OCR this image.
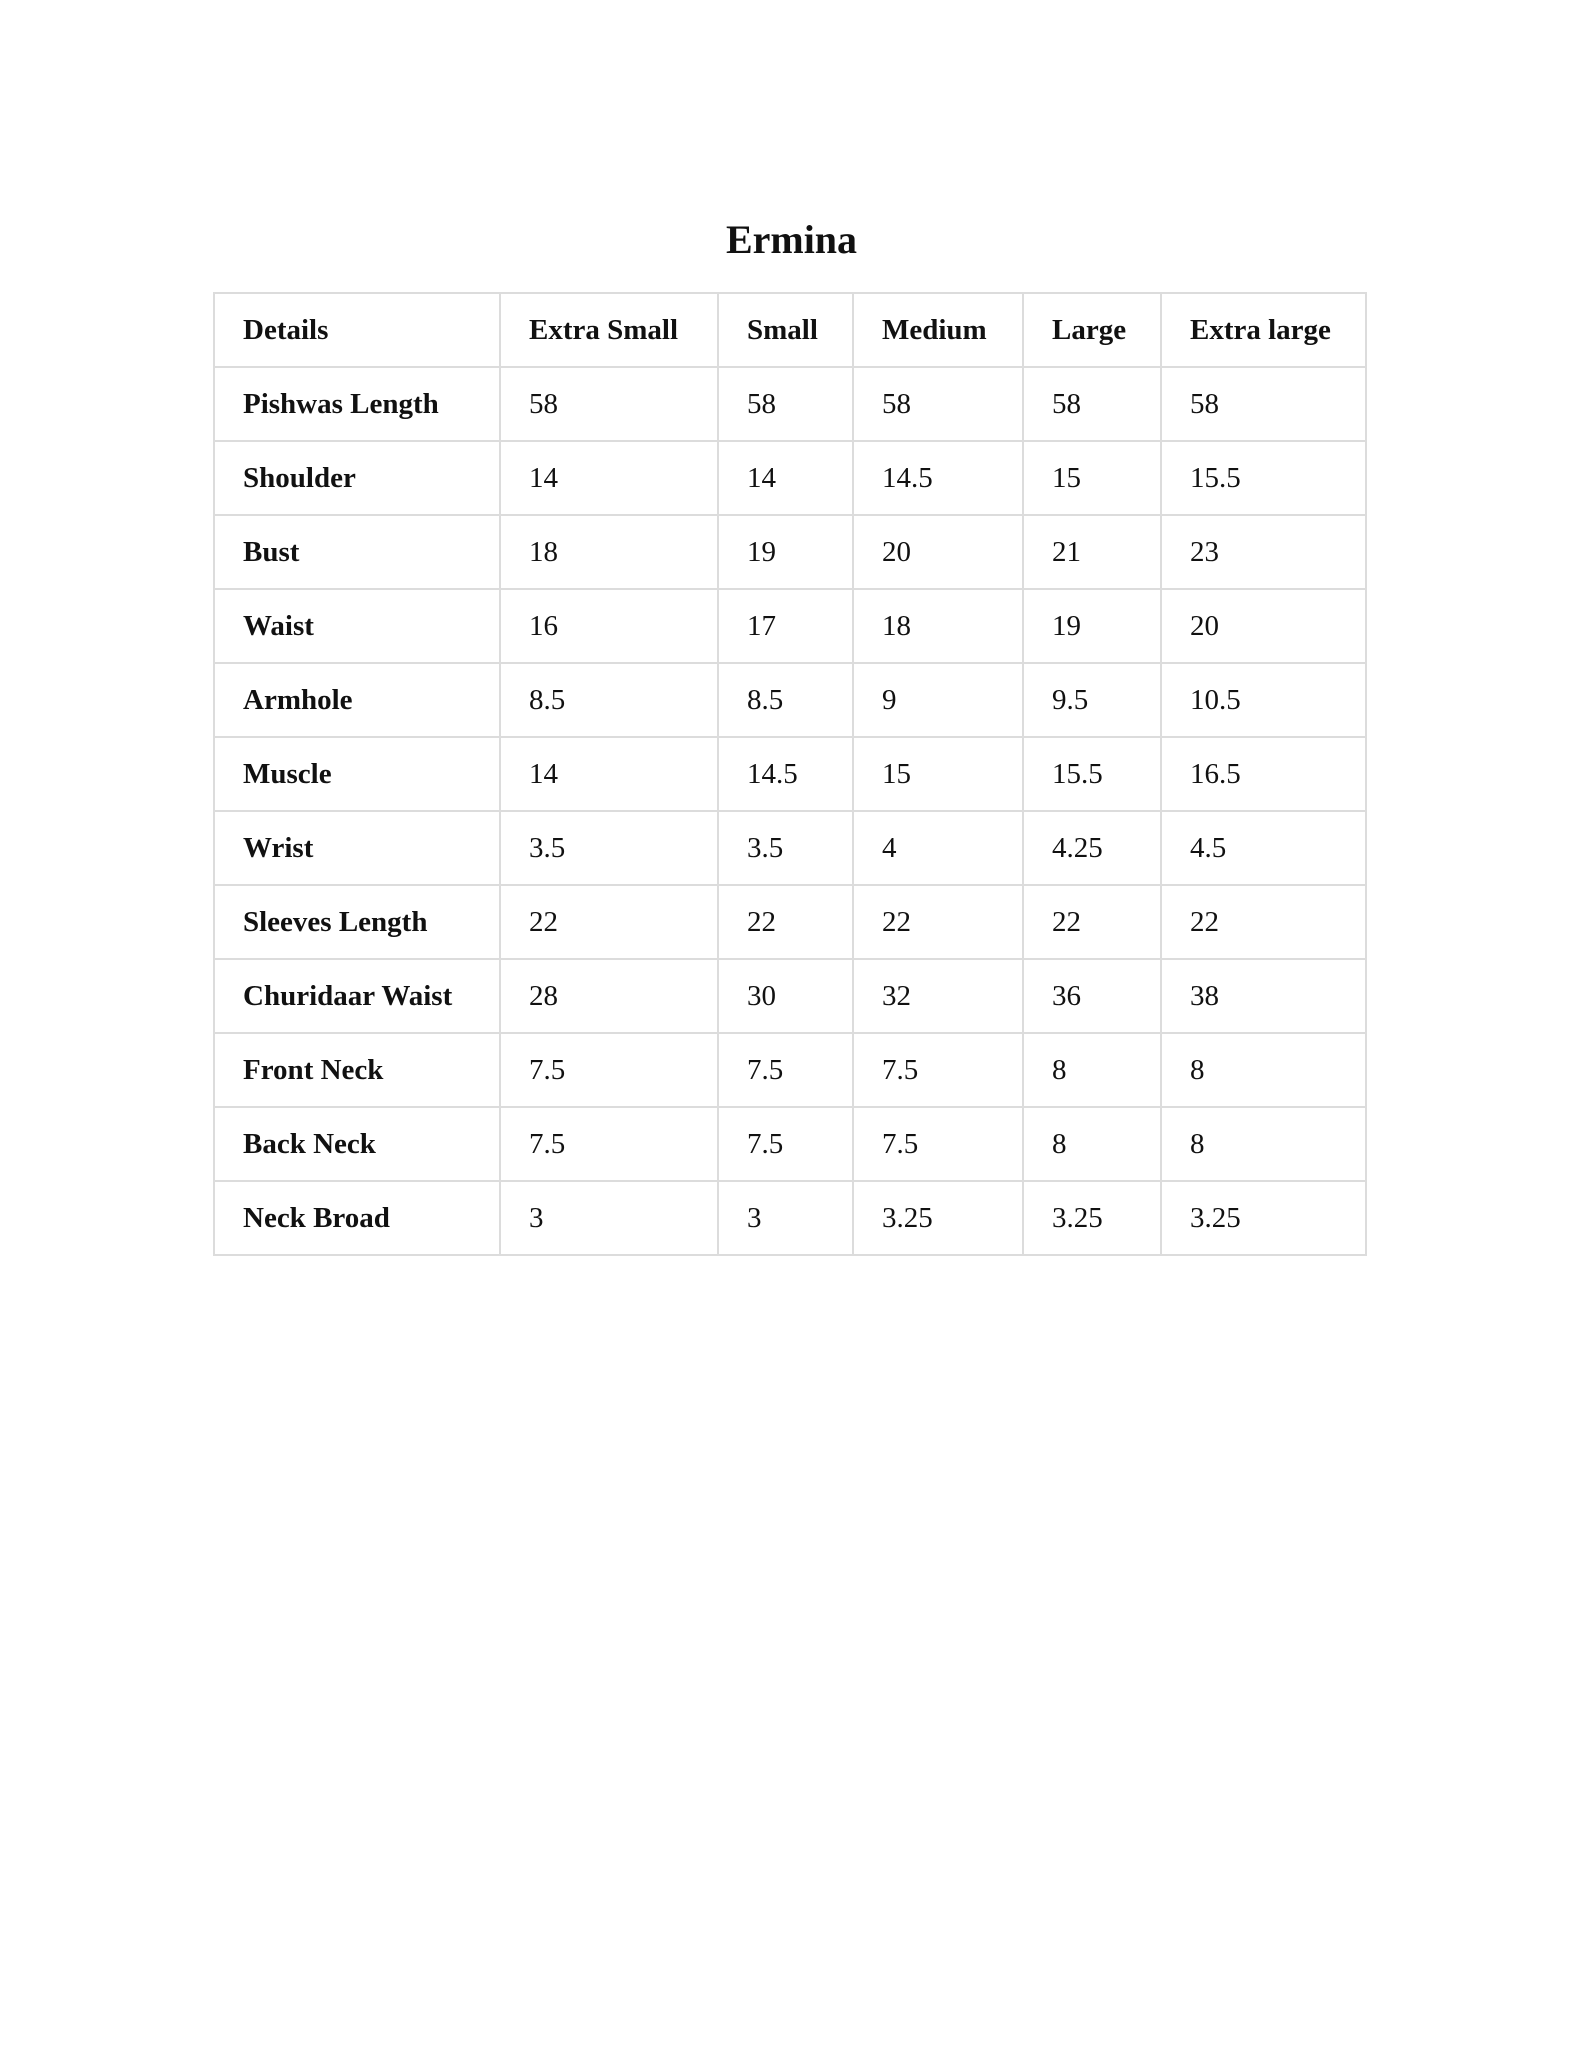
Ermina
Details	Extra Small	Small	Medium	Large	Extra large
Pishwas Length	58	58	58	58	58
Shoulder	14	14	14.5	15	15.5
Bust	18	19	20	21	23
Waist	16	17	18	19	20
Armhole	8.5	8.5	9	9.5	10.5
Muscle	14	14.5	15	15.5	16.5
Wrist	3.5	3.5	4	4.25	4.5
Sleeves Length	22	22	22	22	22
Churidaar Waist	28	30	32	36	38
Front Neck	7.5	7.5	7.5	8	8
Back Neck	7.5	7.5	7.5	8	8
Neck Broad	3	3	3.25	3.25	3.25
